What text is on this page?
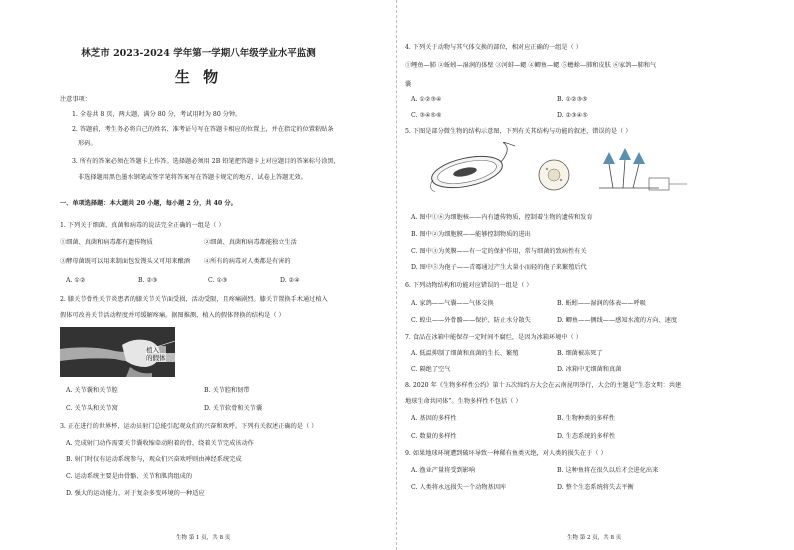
林芝市 2023-2024 学年第一学期八年级学业水平监测
生 物
注意事项：
1. 全卷共 8 页，两大题，满分 80 分，考试用时为 80 分钟。
2. 答题前，考生务必将自己的姓名、准考证号写在答题卡相应的位置上，并在指定的位置粘贴条
形码。
3. 所有的答案必须在答题卡上作答。选择题必须用 2B 铅笔把答题卡上对应题目的答案标号涂黑，
非选择题用黑色墨水钢笔或签字笔将答案写在答题卡规定的地方，试卷上答题无效。
一、单项选择题：本大题共 20 小题，每小题 2 分，共 40 分。
1. 下列关于细菌、真菌和病毒的说法完全正确的一组是（ ）
①细菌、真菌和病毒都有遗传物质	②细菌、真菌和病毒都能独立生活
③酵母菌既可以用来制面包发馒头又可用来酿酒 ④所有的病毒对人类都是有害的
A. ①②	B. ②③	C. ①③	D. ②④
2. 膝关节骨性关节炎患者的膝关节关节面受损，活动受限，且疼痛剧烈。膝关节置换手术通过植入
假体可改善关节活动程度并可缓解疼痛。据图推测，植入的假体替换的结构是（ ）
植入
的假体
A. 关节囊和关节腔	B. 关节腔和韧带
C. 关节头和关节窝	D. 关节软骨和关节囊
3. 正在进行的世界杯，运动员射门总能引起观众们的兴奋和欢呼。下列有关叙述正确的是（ ）
A. 完成射门动作需要关节囊收缩牵动附着的骨，绕着关节完成该动作
B. 射门时仅有运动系统参与，观众们兴奋欢呼则由神经系统完成
C. 运动系统主要是由骨骼、关节和肌肉组成的
D. 强大的运动能力，对于复杂多变环境的一种适应
生物 第 1 页，共 8 页
4. 下列关于动物与其气体交换的部位，相对应正确的一组是（ ）
①鲤鱼—肺 ②蚯蚓—湿润的体壁 ③河蚌—鳃 ④鲫鱼—鳃 ⑤蟾蜍—肺和皮肤 ⑥家鸽—肺和气
囊
A. ①②③④	B. ①②③⑤
C. ③④⑤⑥	D. ②③④⑤
5. 下图是部分微生物的结构示意图，下列有关其结构与功能的叙述，错误的是（ ）
A. 图中①⑥为细胞核——内有遗传物质，控制着生物的遗传和发育
B. 图中②为细胞膜——能够控制物质的进出
C. 图中③为荚膜——有一定的保护作用，常与细菌的致病性有关
D. 图中⑤为孢子——青霉通过产生大量小而轻的孢子来繁殖后代
6. 下列动物结构和功能对应错误的一组是（ ）
A. 家鸽——气囊——气体交换	B. 蚯蚓——湿润的体表——呼吸
C. 蝗虫——外骨骼——保护、防止水分散失	D. 鲫鱼——侧线——感知水流的方向、速度
7. 食品在冰箱中能保存一定时间不腐烂，是因为冰箱环境中（ ）
A. 低温抑制了细菌和真菌的生长、繁殖	B. 细菌被冻死了
C. 隔绝了空气	D. 冰箱中无细菌和真菌
8. 2020 年《生物多样性公约》第十五次缔约方大会在云南昆明举行，大会的主题是“生态文明：共建
地球生命共同体”。生物多样性不包括（ ）
A. 基因的多样性	B. 生物种类的多样性
C. 数量的多样性	D. 生态系统的多样性
9. 如果地球环境遭到破坏导致一种稀有鱼类灭绝，对人类的损失在于（ ）
A. 渔业产量将受到影响	B. 这种鱼将在很久以后才会进化出来
C. 人类将永远损失一个动物基因库	D. 整个生态系统将失去平衡
生物 第 2 页，共 8 页
